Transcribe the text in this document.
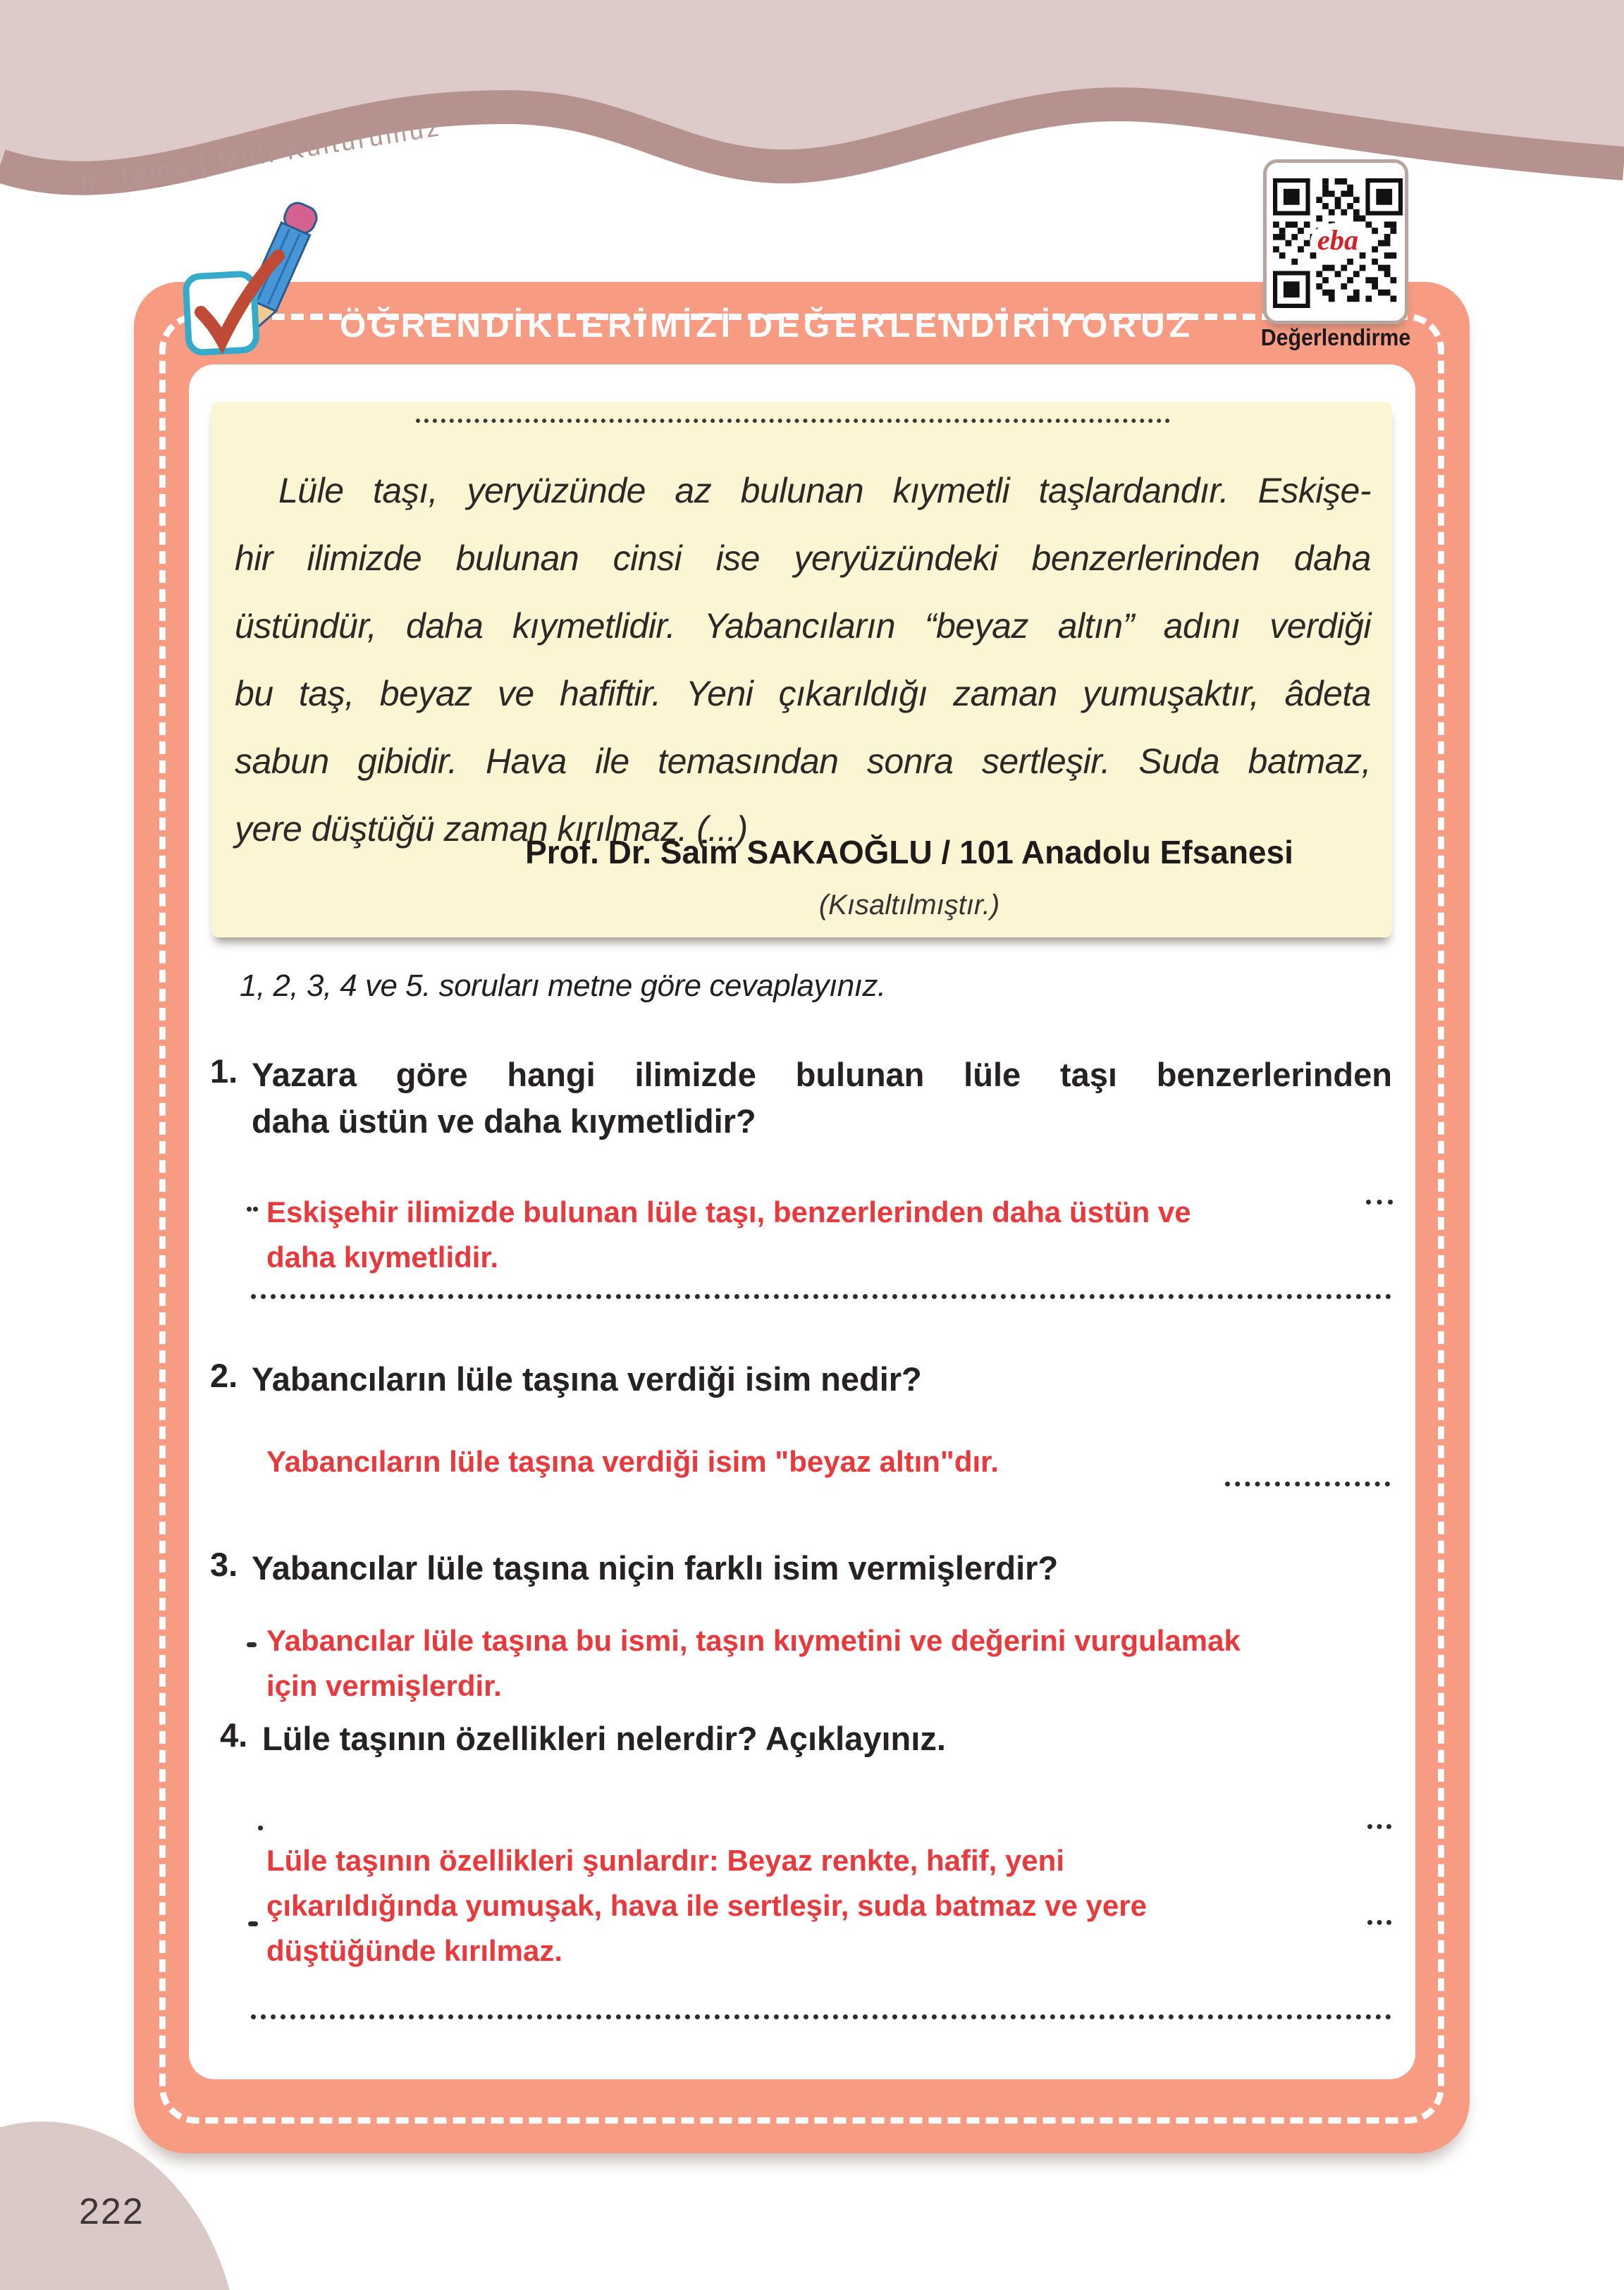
6. Tema | Millî Kültürümüz
ÖĞRENDİKLERİMİZİ DEĞERLENDİRİYORUZ
eba
Değerlendirme
Lüle taşı, yeryüzünde az bulunan kıymetli taşlardandır. Eskişe-
hir ilimizde bulunan cinsi ise yeryüzündeki benzerlerinden daha
üstündür, daha kıymetlidir. Yabancıların “beyaz altın” adını verdiği
bu taş, beyaz ve hafiftir. Yeni çıkarıldığı zaman yumuşaktır, âdeta
sabun gibidir. Hava ile temasından sonra sertleşir. Suda batmaz,
yere düştüğü zaman kırılmaz. (...)
Prof. Dr. Saim SAKAOĞLU / 101 Anadolu Efsanesi
(Kısaltılmıştır.)
1, 2, 3, 4 ve 5. soruları metne göre cevaplayınız.
1. Yazara göre hangi ilimizde bulunan lüle taşı benzerlerinden
daha üstün ve daha kıymetlidir?
Eskişehir ilimizde bulunan lüle taşı, benzerlerinden daha üstün ve
daha kıymetlidir.
2. Yabancıların lüle taşına verdiği isim nedir?
Yabancıların lüle taşına verdiği isim "beyaz altın"dır.
3. Yabancılar lüle taşına niçin farklı isim vermişlerdir?
Yabancılar lüle taşına bu ismi, taşın kıymetini ve değerini vurgulamak
için vermişlerdir.
4. Lüle taşının özellikleri nelerdir? Açıklayınız.
Lüle taşının özellikleri şunlardır: Beyaz renkte, hafif, yeni
çıkarıldığında yumuşak, hava ile sertleşir, suda batmaz ve yere
düştüğünde kırılmaz.
222
